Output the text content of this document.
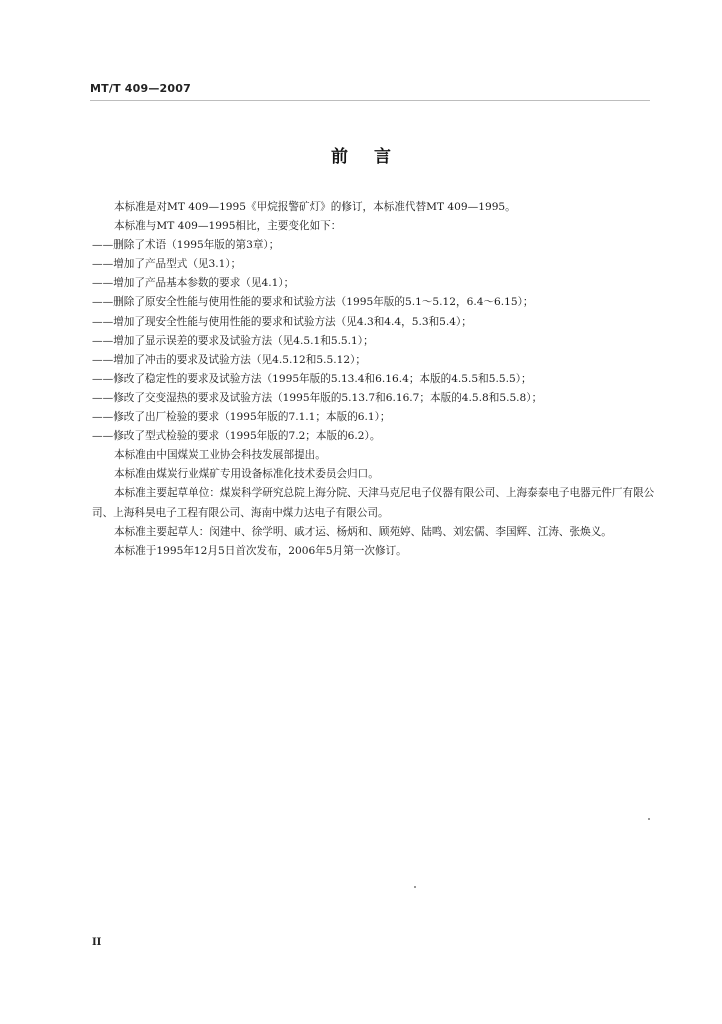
MT/T 409—2007
前言

本标准是对MT 409—1995《甲烷报警矿灯》的修订，本标准代替MT 409—1995。

本标准与MT 409—1995相比，主要变化如下：

——删除了术语（1995年版的第3章）；

——增加了产品型式（见3.1）；

——增加了产品基本参数的要求（见4.1）；

——删除了原安全性能与使用性能的要求和试验方法（1995年版的5.1～5.12，6.4～6.15）；

——增加了现安全性能与使用性能的要求和试验方法（见4.3和4.4，5.3和5.4）；

——增加了显示误差的要求及试验方法（见4.5.1和5.5.1）；

——增加了冲击的要求及试验方法（见4.5.12和5.5.12）；

——修改了稳定性的要求及试验方法（1995年版的5.13.4和6.16.4；本版的4.5.5和5.5.5）；

——修改了交变湿热的要求及试验方法（1995年版的5.13.7和6.16.7；本版的4.5.8和5.5.8）；

——修改了出厂检验的要求（1995年版的7.1.1；本版的6.1）；

——修改了型式检验的要求（1995年版的7.2；本版的6.2）。

本标准由中国煤炭工业协会科技发展部提出。

本标准由煤炭行业煤矿专用设备标准化技术委员会归口。

本标准主要起草单位：煤炭科学研究总院上海分院、天津马克尼电子仪器有限公司、上海泰泰电子电器元件厂有限公司、上海科昊电子工程有限公司、海南中煤力达电子有限公司。

本标准主要起草人：闵建中、徐学明、戚才运、杨炳和、顾苑婷、陆鸣、刘宏儒、李国辉、江涛、张焕义。

本标准于1995年12月5日首次发布，2006年5月第一次修订。

II
